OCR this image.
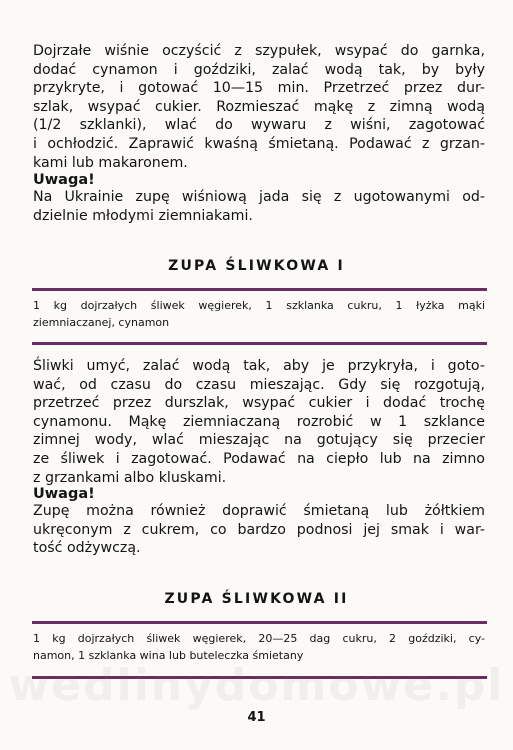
Dojrzałe wiśnie oczyścić z szypułek, wsypać do garnka,
dodać cynamon i goździki, zalać wodą tak, by były
przykryte, i gotować 10—15 min. Przetrzeć przez dur-
szlak, wsypać cukier. Rozmieszać mąkę z zimną wodą
(1/2 szklanki), wlać do wywaru z wiśni, zagotować
i ochłodzić. Zaprawić kwaśną śmietaną. Podawać z grzan-
kami lub makaronem.

Uwaga!

Na Ukrainie zupę wiśniową jada się z ugotowanymi od-
dzielnie młodymi ziemniakami.

ZUPA ŚLIWKOWA I

1 kg dojrzałych śliwek węgierek, 1 szklanka cukru, 1 łyżka mąki
ziemniaczanej, cynamon

Śliwki umyć, zalać wodą tak, aby je przykryła, i goto-
wać, od czasu do czasu mieszając. Gdy się rozgotują,
przetrzeć przez durszlak, wsypać cukier i dodać trochę
cynamonu. Mąkę ziemniaczaną rozrobić w 1 szklance
zimnej wody, wlać mieszając na gotujący się przecier
ze śliwek i zagotować. Podawać na ciepło lub na zimno
z grzankami albo kluskami.

Uwaga!

Zupę można również doprawić śmietaną lub żółtkiem
ukręconym z cukrem, co bardzo podnosi jej smak i war-
tość odżywczą.

ZUPA ŚLIWKOWA II

1 kg dojrzałych śliwek węgierek, 20—25 dag cukru, 2 goździki, cy-
namon, 1 szklanka wina lub buteleczka śmietany

wedlinydomowe.pl

41
